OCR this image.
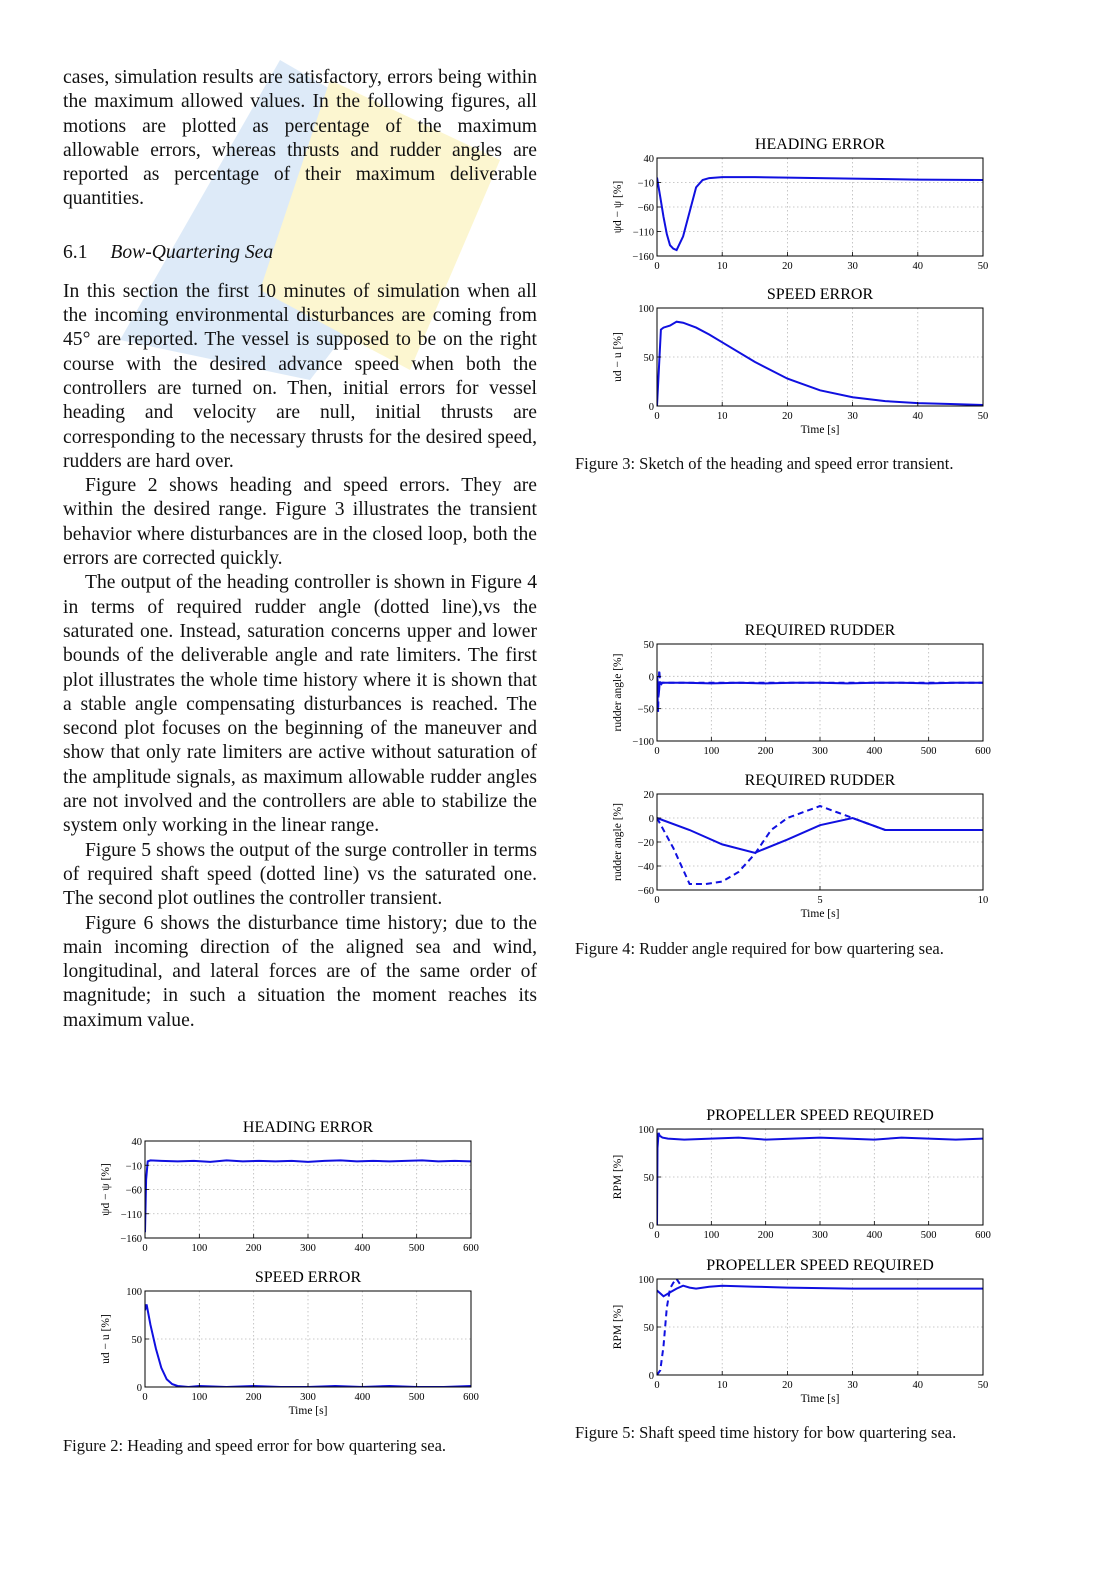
cases, simulation results are satisfactory, errors being within the maximum allowed values. In the following figures, all motions are plotted as percentage of the maximum allowable errors, whereas thrusts and rudder angles are reported as percentage of their maximum deliverable quantities.

6.1 Bow-Quartering Sea

In this section the first 10 minutes of simulation when all the incoming environmental disturbances are coming from 45° are reported. The vessel is supposed to be on the right course with the desired advance speed when both the controllers are turned on. Then, initial errors for vessel heading and velocity are null, initial thrusts are corresponding to the necessary thrusts for the desired speed, rudders are hard over.

Figure 2 shows heading and speed errors. They are within the desired range. Figure 3 illustrates the transient behavior where disturbances are in the closed loop, both the errors are corrected quickly.

The output of the heading controller is shown in Figure 4 in terms of required rudder angle (dotted line),vs the saturated one. Instead, saturation concerns upper and lower bounds of the deliverable angle and rate limiters. The first plot illustrates the whole time history where it is shown that a stable angle compensating disturbances is reached. The second plot focuses on the beginning of the maneuver and show that only rate limiters are active without saturation of the amplitude signals, as maximum allowable rudder angles are not involved and the controllers are able to stabilize the system only working in the linear range.

Figure 5 shows the output of the surge controller in terms of required shaft speed (dotted line) vs the saturated one. The second plot outlines the controller transient.

Figure 6 shows the disturbance time history; due to the main incoming direction of the aligned sea and wind, longitudinal, and lateral forces are of the same order of magnitude; in such a situation the moment reaches its maximum value.

HEADING ERROR
0	10	20	30	40	50
40
−10
−60
−110
−160
ψd − ψ [%]
SPEED ERROR
0	10	20	30	40	50
100
50
0
Time [s]
ud − u [%]
Figure 3: Sketch of the heading and speed error transient.
REQUIRED RUDDER
0	100	200	300	400	500	600
50
0
−50
−100
rudder angle [%]
REQUIRED RUDDER
0	5	10
20
0
−20
−40
−60
Time [s]
rudder angle [%]
Figure 4: Rudder angle required for bow quartering sea.
PROPELLER SPEED REQUIRED
0	100	200	300	400	500	600
100
50
0
RPM [%]
PROPELLER SPEED REQUIRED
0	10	20	30	40	50
100
50
0
Time [s]
RPM [%]
Figure 5: Shaft speed time history for bow quartering sea.
HEADING ERROR
0	100	200	300	400	500	600
40
−10
−60
−110
−160
ψd − ψ [%]
SPEED ERROR
0	100	200	300	400	500	600
100
50
0
Time [s]
ud − u [%]
Figure 2: Heading and speed error for bow quartering sea.
